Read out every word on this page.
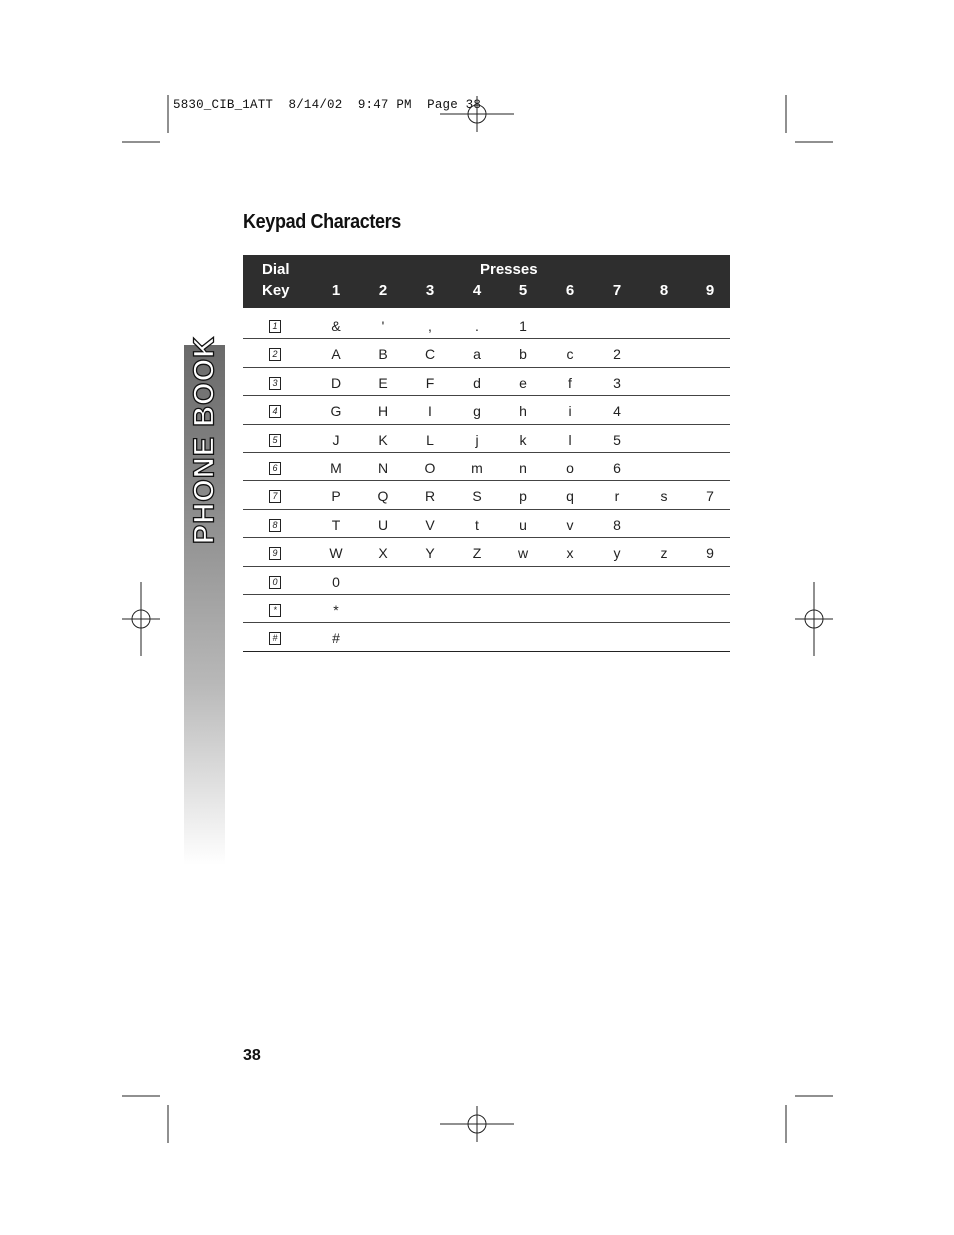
5830_CIB_1ATT  8/14/02  9:47 PM  Page 38
PHONE BOOK
Keypad Characters
Dial
Key
Presses
1	2	3	4	5	6	7	8	9
1	&	'	,	.	1
2	A	B	C	a	b	c	2
3	D	E	F	d	e	f	3
4	G	H	I	g	h	i	4
5	J	K	L	j	k	l	5
6	M	N	O	m	n	o	6
7	P	Q	R	S	p	q	r	s	7
8	T	U	V	t	u	v	8
9	W	X	Y	Z	w	x	y	z	9
0	0
*	*
#	#
38
